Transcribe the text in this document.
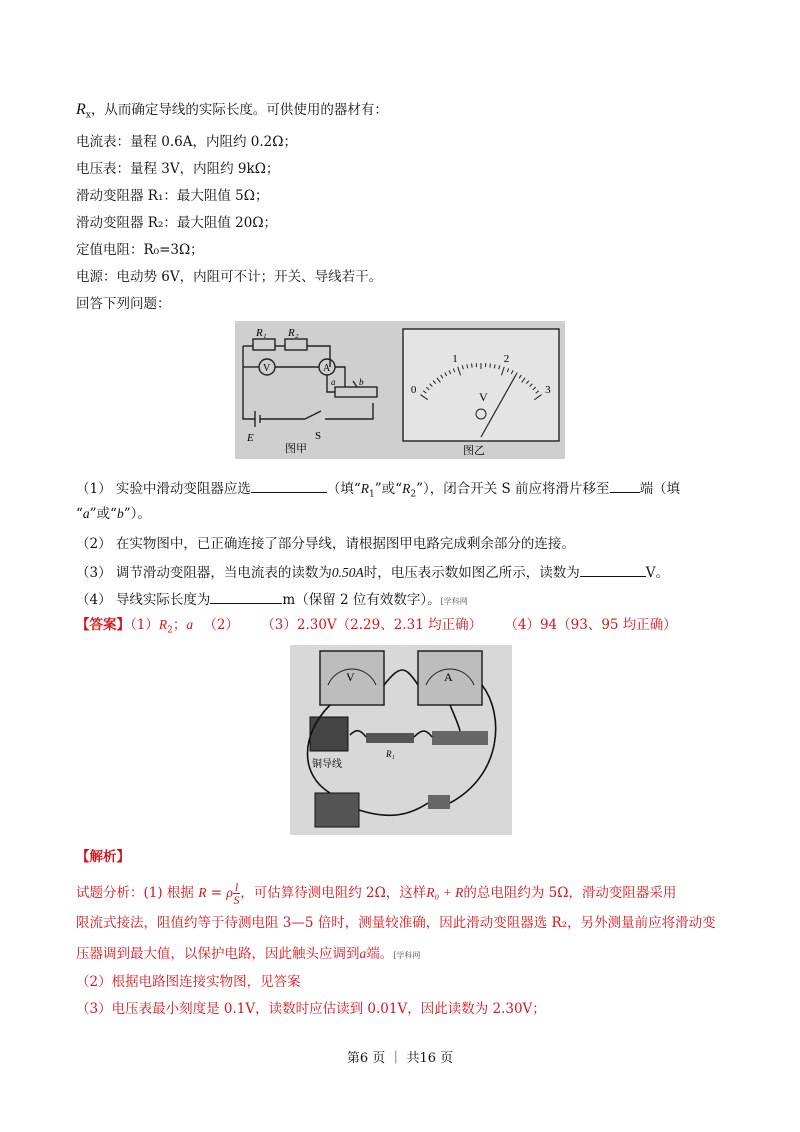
$R_x$，从而确定导线的实际长度。可供使用的器材有：
电流表：量程 0.6A，内阻约 0.2Ω；
电压表：量程 3V，内阻约 9kΩ；
滑动变阻器 R₁：最大阻值 5Ω；
滑动变阻器 R₂：最大阻值 20Ω；
定值电阻：R₀=3Ω；
电源：电动势 6V，内阻可不计；开关、导线若干。
回答下列问题：
R₁ R₂
V	A
a	b
E	S
图甲
0
1	2
3
V
图乙
（1） 实验中滑动变阻器应选	（填“$R_1$”或“$R_2$”），闭合开关 S 前应将滑片移至 端（填
“a”或“b”）。
（2） 在实物图中，已正确连接了部分导线，请根据图甲电路完成剩余部分的连接。
（3） 调节滑动变阻器，当电流表的读数为0.50A时，电压表示数如图乙所示，读数为	V。
（4） 导线实际长度为	m（保留 2 位有效数字）。[学科网
【答案】$(1)R_2$；a （2） （3）2.30V（2.29、2.31 均正确） （4）94（93、95 均正确）
V	A
铜导线
R₁
【解析】
试题分析：(1) 根据 R = ρ $\frac{l}{S}$ ，可估算待测电阻约 2Ω，这样R₀ + R的总电阻约为 5Ω，滑动变阻器采用
限流式接法，阻值约等于待测电阻 3—5 倍时，测量较准确，因此滑动变阻器选 R₂，另外测量前应将滑动变
压器调到最大值，以保护电路，因此触头应调到a端。[学科网
（2）根据电路图连接实物图，见答案
（3）电压表最小刻度是 0.1V，读数时应估读到 0.01V，因此读数为 2.30V；
第6 页 ｜ 共16 页
